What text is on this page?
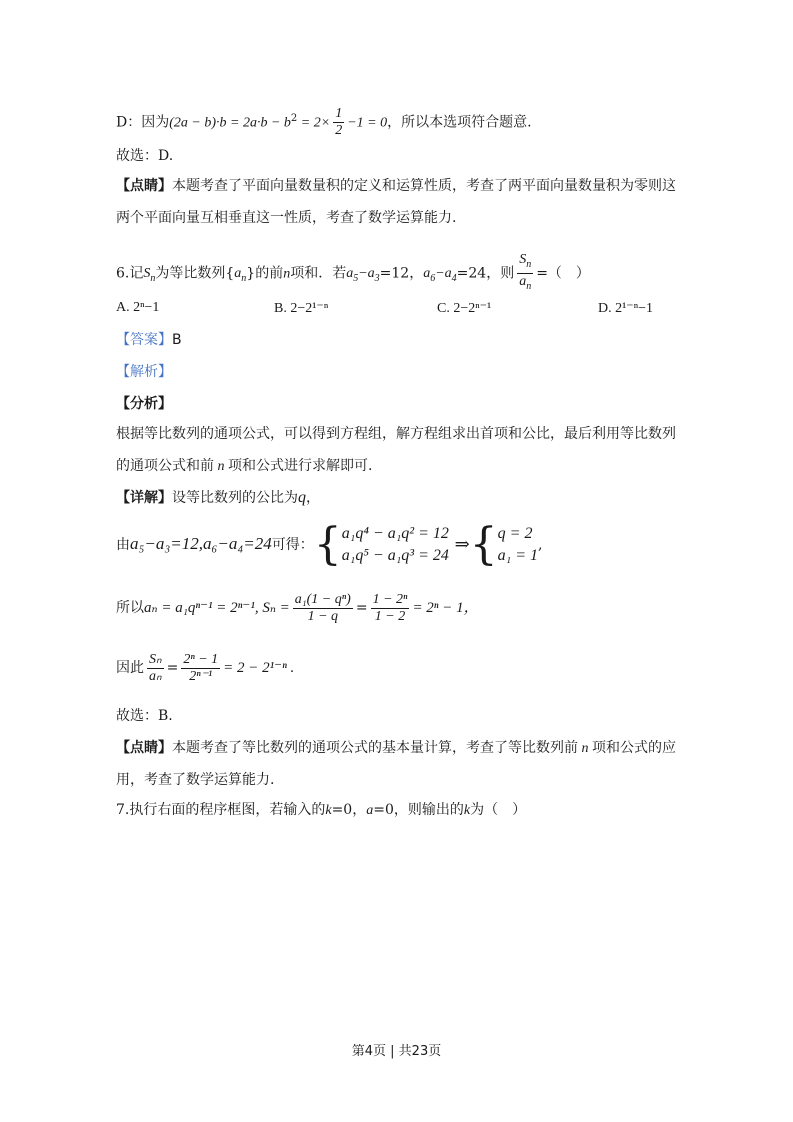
D：因为$(2a - b)\cdot b = 2a\cdot b - b^2 = 2\times \frac{1}{2} -1 = 0$，所以本选项符合题意.
故选：D.
【点睛】本题考查了平面向量数量积的定义和运算性质，考查了两平面向量数量积为零则这
两个平面向量互相垂直这一性质，考查了数学运算能力.
6.记$S_n$为等比数列$\{a_n\}$的前n项和．若$a_5-a_3=12$，$a_6-a_4=24$，则 $\frac{S_n}{a_n}$ =（　）
A. 2ⁿ−1	B. 2−2¹⁻ⁿ	C. 2−2ⁿ⁻¹	D. 2¹⁻ⁿ−1
【答案】B
【解析】
【分析】
根据等比数列的通项公式，可以得到方程组，解方程组求出首项和公比，最后利用等比数列
的通项公式和前 n 项和公式进行求解即可.
【详解】设等比数列的公比为q，
由a₅−a₃=12,a₆−a₄=24可得：{ a₁q⁴ − a₁q² = 12
a₁q⁵ − a₁q³ = 24
⇒{ q = 2
a₁ = 1
,
所以aₙ = a₁qⁿ⁻¹ = 2ⁿ⁻¹, $S_n = \frac{\text{a₁(1 − qⁿ)}}{1 - q} = \frac{\text{1 − 2ⁿ}}{1 - 2} = 2^n - 1$，
因此 $\frac{\text{Sₙ}}{\text{aₙ}} = \frac{\text{2ⁿ − 1}}{\text{2ⁿ⁻¹}} = 2 - 2^{1-n}$ .
故选：B.
【点睛】本题考查了等比数列的通项公式的基本量计算，考查了等比数列前 n 项和公式的应
用，考查了数学运算能力.
7.执行右面的程序框图，若输入的k=0，a=0，则输出的k为（　）
第4页 | 共23页
